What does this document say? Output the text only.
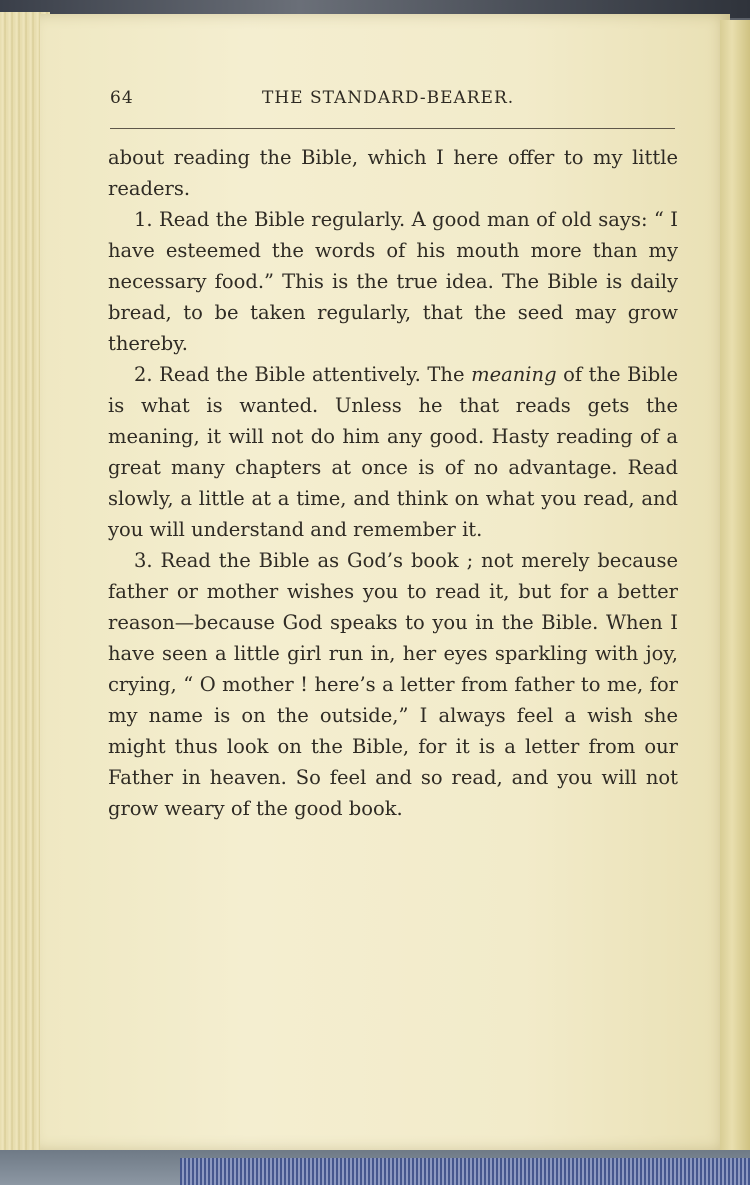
64	THE STANDARD-BEARER.

about reading the Bible, which I here offer to my little readers.

1. Read the Bible regularly. A good man of old says: “ I have esteemed the words of his mouth more than my necessary food.” This is the true idea. The Bible is daily bread, to be taken regularly, that the seed may grow thereby.

2. Read the Bible attentively. The meaning of the Bible is what is wanted. Unless he that reads gets the meaning, it will not do him any good. Hasty reading of a great many chapters at once is of no advantage. Read slowly, a little at a time, and think on what you read, and you will understand and remember it.

3. Read the Bible as God’s book ; not merely because father or mother wishes you to read it, but for a better reason—because God speaks to you in the Bible. When I have seen a little girl run in, her eyes sparkling with joy, crying, “ O mother ! here’s a letter from father to me, for my name is on the outside,” I always feel a wish she might thus look on the Bible, for it is a letter from our Father in heaven. So feel and so read, and you will not grow weary of the good book.
